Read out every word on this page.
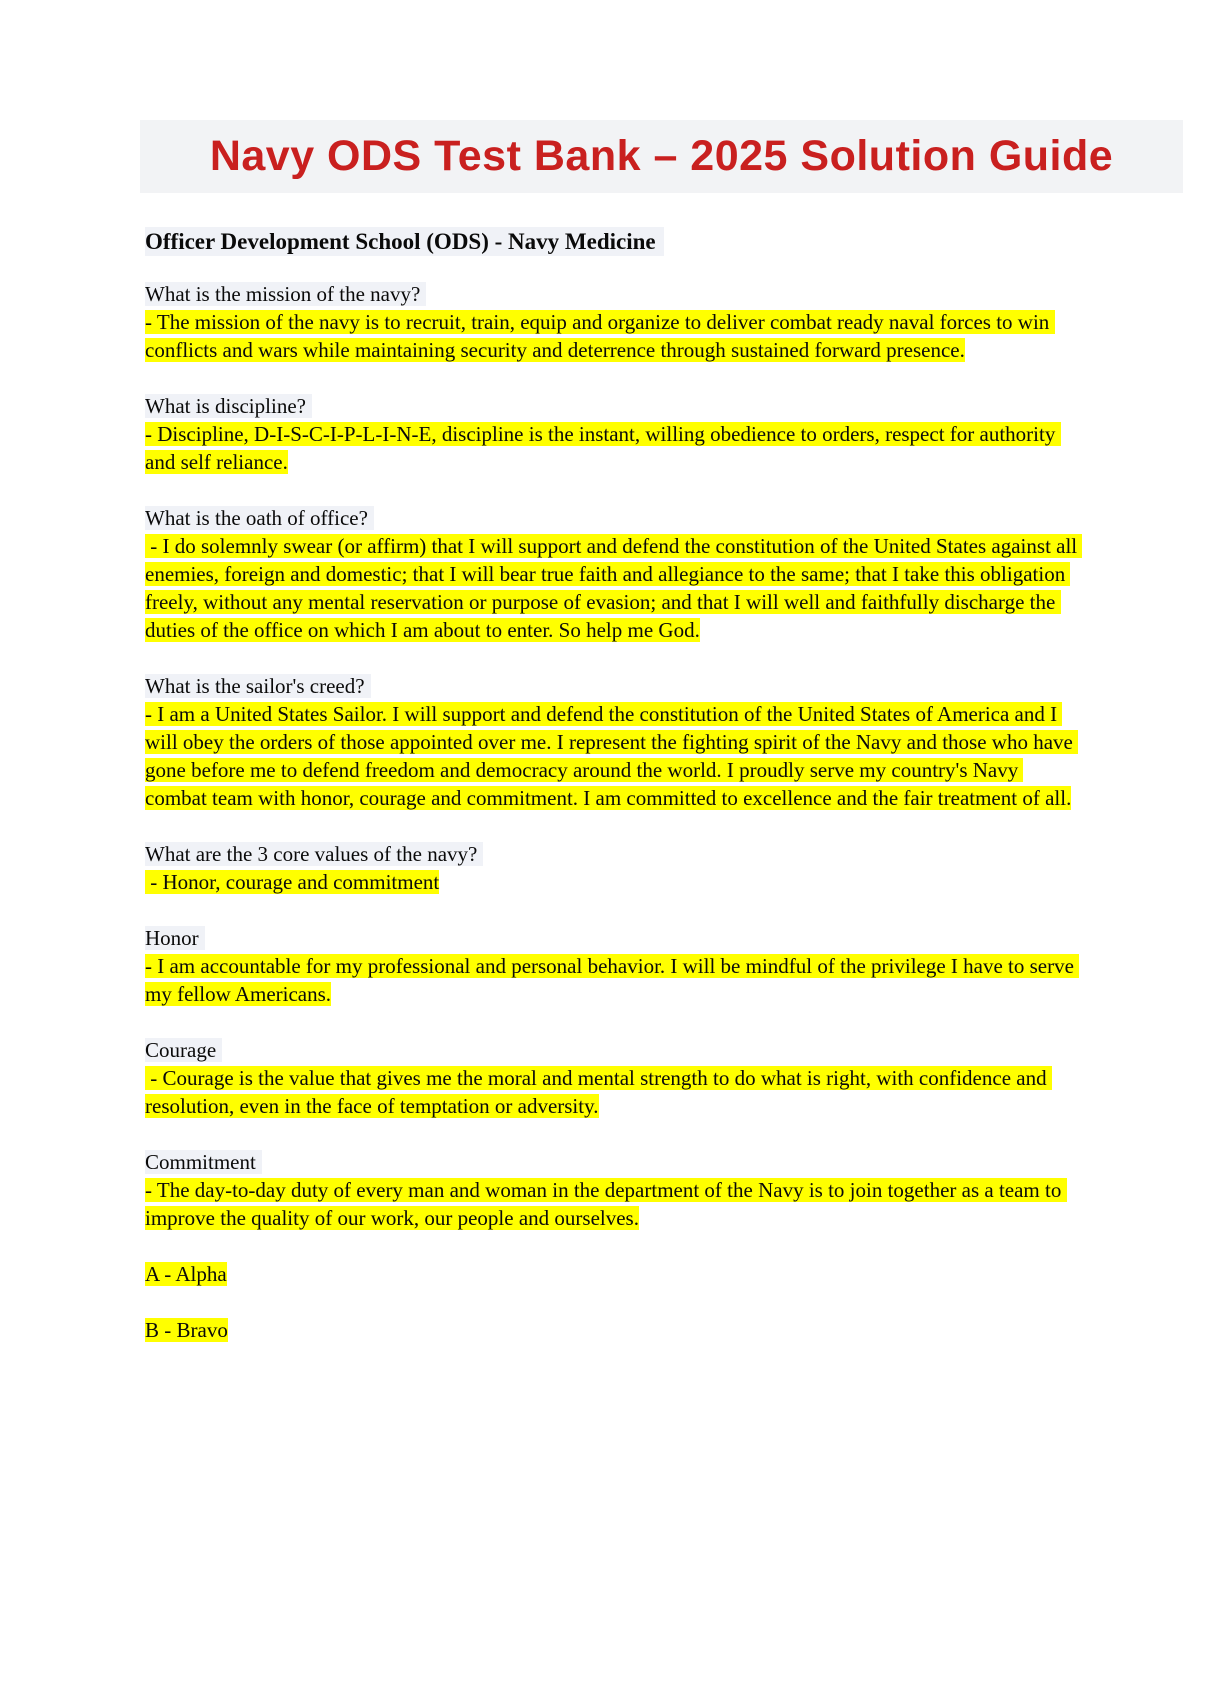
Navy ODS Test Bank – 2025 Solution Guide
Officer Development School (ODS) - Navy Medicine

What is the mission of the navy?
- The mission of the navy is to recruit, train, equip and organize to deliver combat ready naval forces to win conflicts and wars while maintaining security and deterrence through sustained forward presence.

What is discipline?
- Discipline, D-I-S-C-I-P-L-I-N-E, discipline is the instant, willing obedience to orders, respect for authority and self reliance.

What is the oath of office?
- I do solemnly swear (or affirm) that I will support and defend the constitution of the United States against all enemies, foreign and domestic; that I will bear true faith and allegiance to the same; that I take this obligation freely, without any mental reservation or purpose of evasion; and that I will well and faithfully discharge the duties of the office on which I am about to enter. So help me God.

What is the sailor's creed?
- I am a United States Sailor. I will support and defend the constitution of the United States of America and I will obey the orders of those appointed over me. I represent the fighting spirit of the Navy and those who have gone before me to defend freedom and democracy around the world. I proudly serve my country's Navy combat team with honor, courage and commitment. I am committed to excellence and the fair treatment of all.

What are the 3 core values of the navy?
- Honor, courage and commitment

Honor
- I am accountable for my professional and personal behavior. I will be mindful of the privilege I have to serve my fellow Americans.

Courage
- Courage is the value that gives me the moral and mental strength to do what is right, with confidence and resolution, even in the face of temptation or adversity.

Commitment
- The day-to-day duty of every man and woman in the department of the Navy is to join together as a team to improve the quality of our work, our people and ourselves.

A - Alpha

B - Bravo
